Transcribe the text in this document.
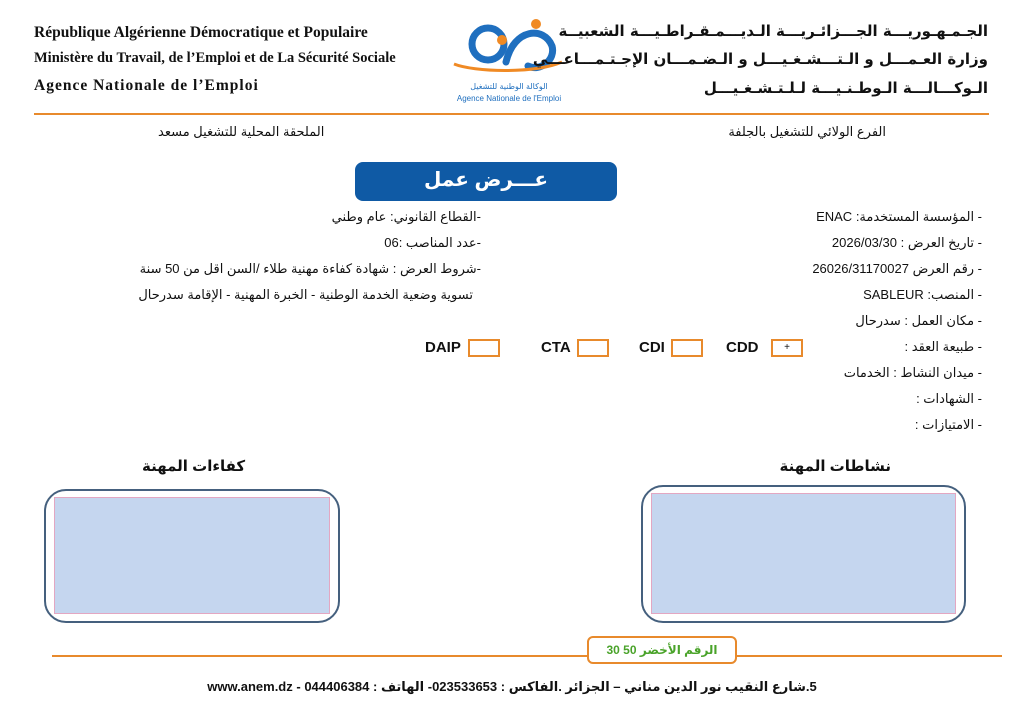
République Algérienne Démocratique et Populaire
Ministère du Travail, de l’Emploi et de La Sécurité Sociale
Agence Nationale de l’Emploi	الوكالة الوطنية للتشغيل
Agence Nationale de l'Emploi
الجـمـهـوريـــة الجـــزائـريـــة الـديـــمـقـراطـيـــة الشعبيــة
وزارة العـمـــل و الـتـــشـغـيـــل و الـضـمـــان الإجـتـمـــاعـــي
الـوكـــالـــة الـوطـنـيـــة لـلـتـشـغـيـــل
الفرع الولائي للتشغيل بالجلفة
الملحقة المحلية للتشغيل مسعد
عـــرض عمل
- المؤسسة المستخدمة: ENAC
- تاريخ العرض : 2026/03/30
- رقم العرض 26026/31170027
- المنصب: SABLEUR
- مكان العمل : سدرحال
- طبيعة العقد :
- ميدان النشاط : الخدمات
- الشهادات :
- الامتيازات :
-القطاع القانوني: عام وطني
-عدد المناصب :06
-شروط العرض : شهادة كفاءة مهنية طلاء /السن اقل من 50 سنة
تسوية وضعية الخدمة الوطنية - الخبرة المهنية - الإقامة سدرحال
CDD	+
CDI
CTA
DAIP
نشاطات المهنة
كفاءات المهنة
الرقم الأخضر 50 30
5.شارع النقيب نور الدين مناني – الجزائر .الفاكس : 023533653- الهاتف : 044406384 - www.anem.dz
